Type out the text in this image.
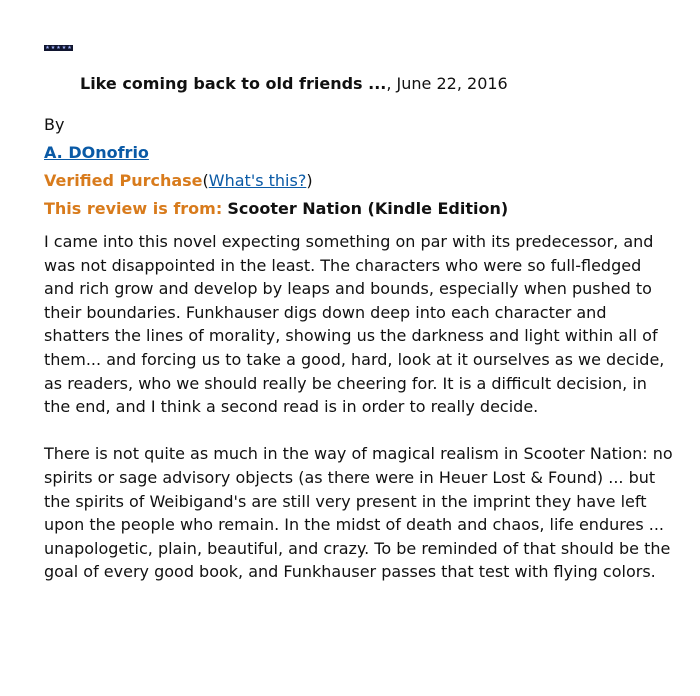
★ ★ ★ ★ ★
Like coming back to old friends ..., June 22, 2016
By
A. DOnofrio
Verified Purchase(What's this?)
This review is from: Scooter Nation (Kindle Edition)

I came into this novel expecting something on par with its predecessor, and was not disappointed in the least. The characters who were so full-fledged and rich grow and develop by leaps and bounds, especially when pushed to their boundaries. Funkhauser digs down deep into each character and shatters the lines of morality, showing us the darkness and light within all of them... and forcing us to take a good, hard, look at it ourselves as we decide, as readers, who we should really be cheering for. It is a difficult decision, in the end, and I think a second read is in order to really decide.

There is not quite as much in the way of magical realism in Scooter Nation: no spirits or sage advisory objects (as there were in Heuer Lost & Found) ... but the spirits of Weibigand's are still very present in the imprint they have left upon the people who remain. In the midst of death and chaos, life endures ... unapologetic, plain, beautiful, and crazy. To be reminded of that should be the goal of every good book, and Funkhauser passes that test with flying colors.
